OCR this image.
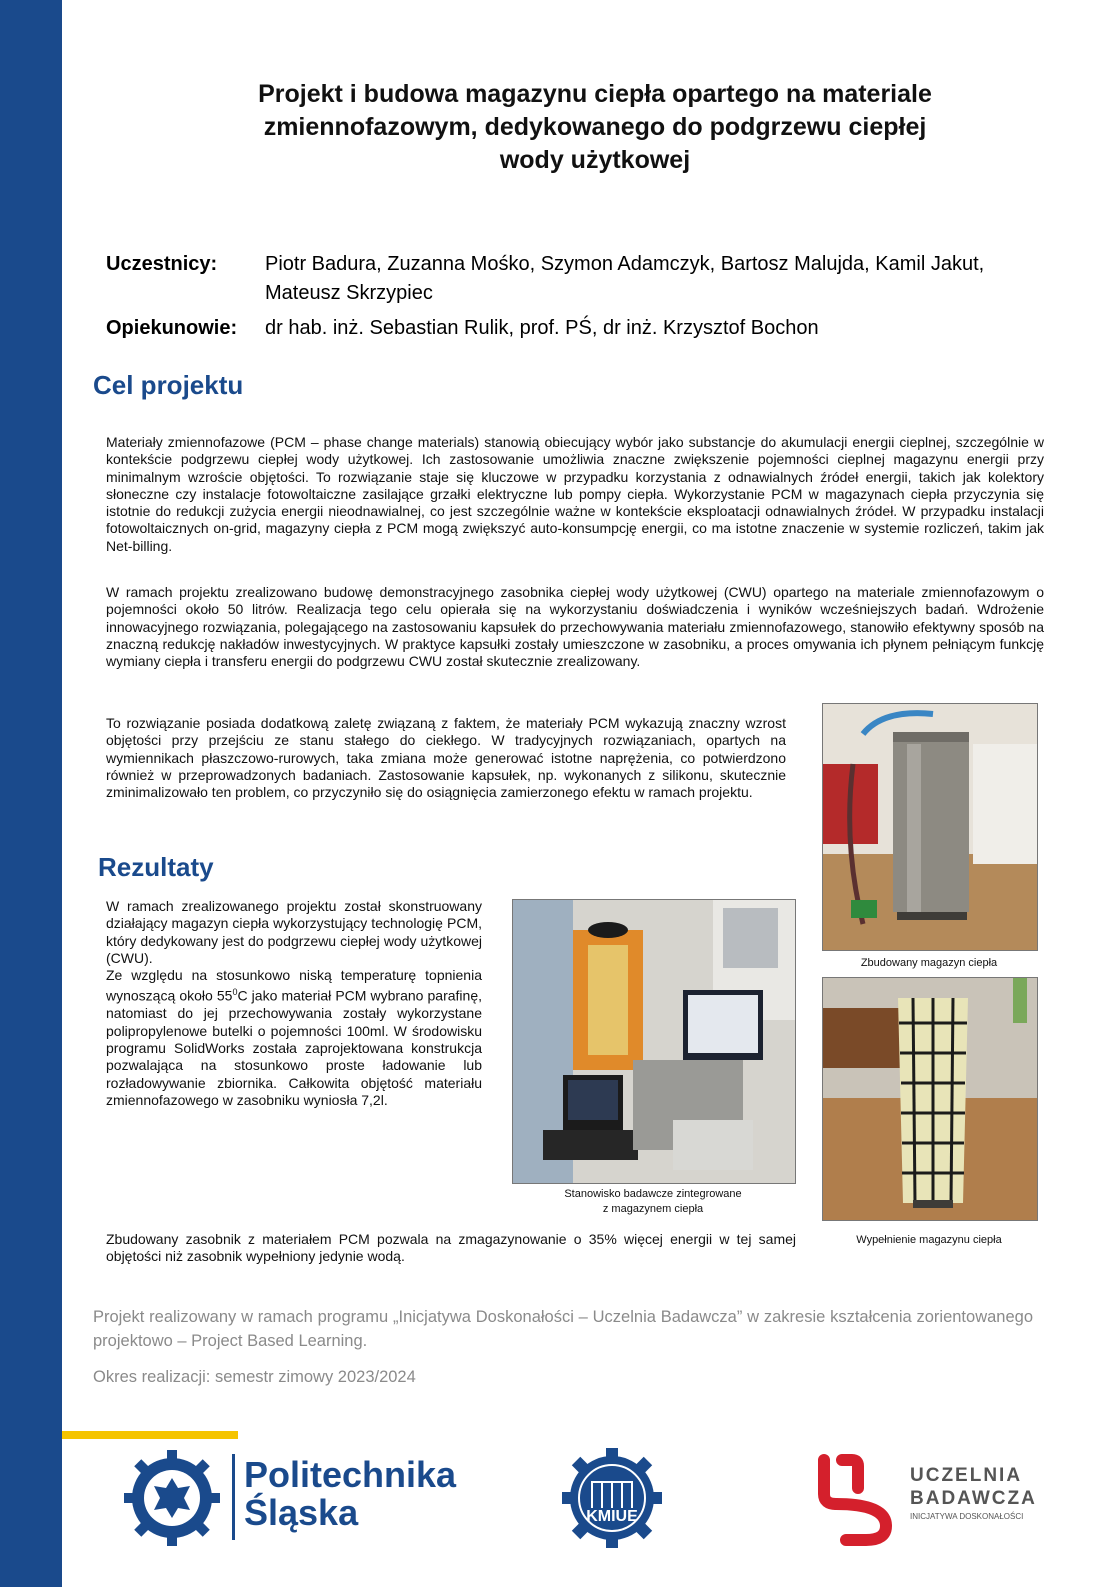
Projekt i budowa magazynu ciepła opartego na materiale
zmiennofazowym, dedykowanego do podgrzewu ciepłej
wody użytkowej
Uczestnicy:	Piotr Badura, Zuzanna Mośko, Szymon Adamczyk, Bartosz Malujda, Kamil Jakut, Mateusz Skrzypiec
Opiekunowie:	dr hab. inż. Sebastian Rulik, prof. PŚ, dr inż. Krzysztof Bochon
Cel projektu

Materiały zmiennofazowe (PCM – phase change materials) stanowią obiecujący wybór jako substancje do akumulacji energii cieplnej, szczególnie w kontekście podgrzewu ciepłej wody użytkowej. Ich zastosowanie umożliwia znaczne zwiększenie pojemności cieplnej magazynu energii przy minimalnym wzroście objętości. To rozwiązanie staje się kluczowe w przypadku korzystania z odnawialnych źródeł energii, takich jak kolektory słoneczne czy instalacje fotowoltaiczne zasilające grzałki elektryczne lub pompy ciepła. Wykorzystanie PCM w magazynach ciepła przyczynia się istotnie do redukcji zużycia energii nieodnawialnej, co jest szczególnie ważne w kontekście eksploatacji odnawialnych źródeł. W przypadku instalacji fotowoltaicznych on-grid, magazyny ciepła z PCM mogą zwiększyć auto-konsumpcję energii, co ma istotne znaczenie w systemie rozliczeń, takim jak Net-billing.

W ramach projektu zrealizowano budowę demonstracyjnego zasobnika ciepłej wody użytkowej (CWU) opartego na materiale zmiennofazowym o pojemności około 50 litrów. Realizacja tego celu opierała się na wykorzystaniu doświadczenia i wyników wcześniejszych badań. Wdrożenie innowacyjnego rozwiązania, polegającego na zastosowaniu kapsułek do przechowywania materiału zmiennofazowego, stanowiło efektywny sposób na znaczną redukcję nakładów inwestycyjnych. W praktyce kapsułki zostały umieszczone w zasobniku, a proces omywania ich płynem pełniącym funkcję wymiany ciepła i transferu energii do podgrzewu CWU został skutecznie zrealizowany.

To rozwiązanie posiada dodatkową zaletę związaną z faktem, że materiały PCM wykazują znaczny wzrost objętości przy przejściu ze stanu stałego do ciekłego. W tradycyjnych rozwiązaniach, opartych na wymiennikach płaszczowo-rurowych, taka zmiana może generować istotne naprężenia, co potwierdzono również w przeprowadzonych badaniach. Zastosowanie kapsułek, np. wykonanych z silikonu, skutecznie zminimalizowało ten problem, co przyczyniło się do osiągnięcia zamierzonego efektu w ramach projektu.

Rezultaty

W ramach zrealizowanego projektu został skonstruowany działający magazyn ciepła wykorzystujący technologię PCM, który dedykowany jest do podgrzewu ciepłej wody użytkowej (CWU).

Ze względu na stosunkowo niską temperaturę topnienia wynoszącą około $55^0C$ jako materiał PCM wybrano parafinę, natomiast do jej przechowywania zostały wykorzystane polipropylenowe butelki o pojemności 100ml. W środowisku programu SolidWorks została zaprojektowana konstrukcja pozwalająca na stosunkowo proste ładowanie lub rozładowywanie zbiornika. Całkowita objętość materiału zmiennofazowego w zasobniku wyniosła 7,2l.

Zbudowany zasobnik z materiałem PCM pozwala na zmagazynowanie o 35% więcej energii w tej samej objętości niż zasobnik wypełniony jedynie wodą.

Zbudowany magazyn ciepła
Stanowisko badawcze zintegrowane
z magazynem ciepła
Wypełnienie magazynu ciepła

Projekt realizowany w ramach programu „Inicjatywa Doskonałości – Uczelnia Badawcza” w zakresie kształcenia zorientowanego projektowo – Project Based Learning.

Okres realizacji: semestr zimowy 2023/2024

Politechnika
Śląska	KMIUE
UCZELNIA
BADAWCZA
INICJATYWA DOSKONAŁOŚCI
